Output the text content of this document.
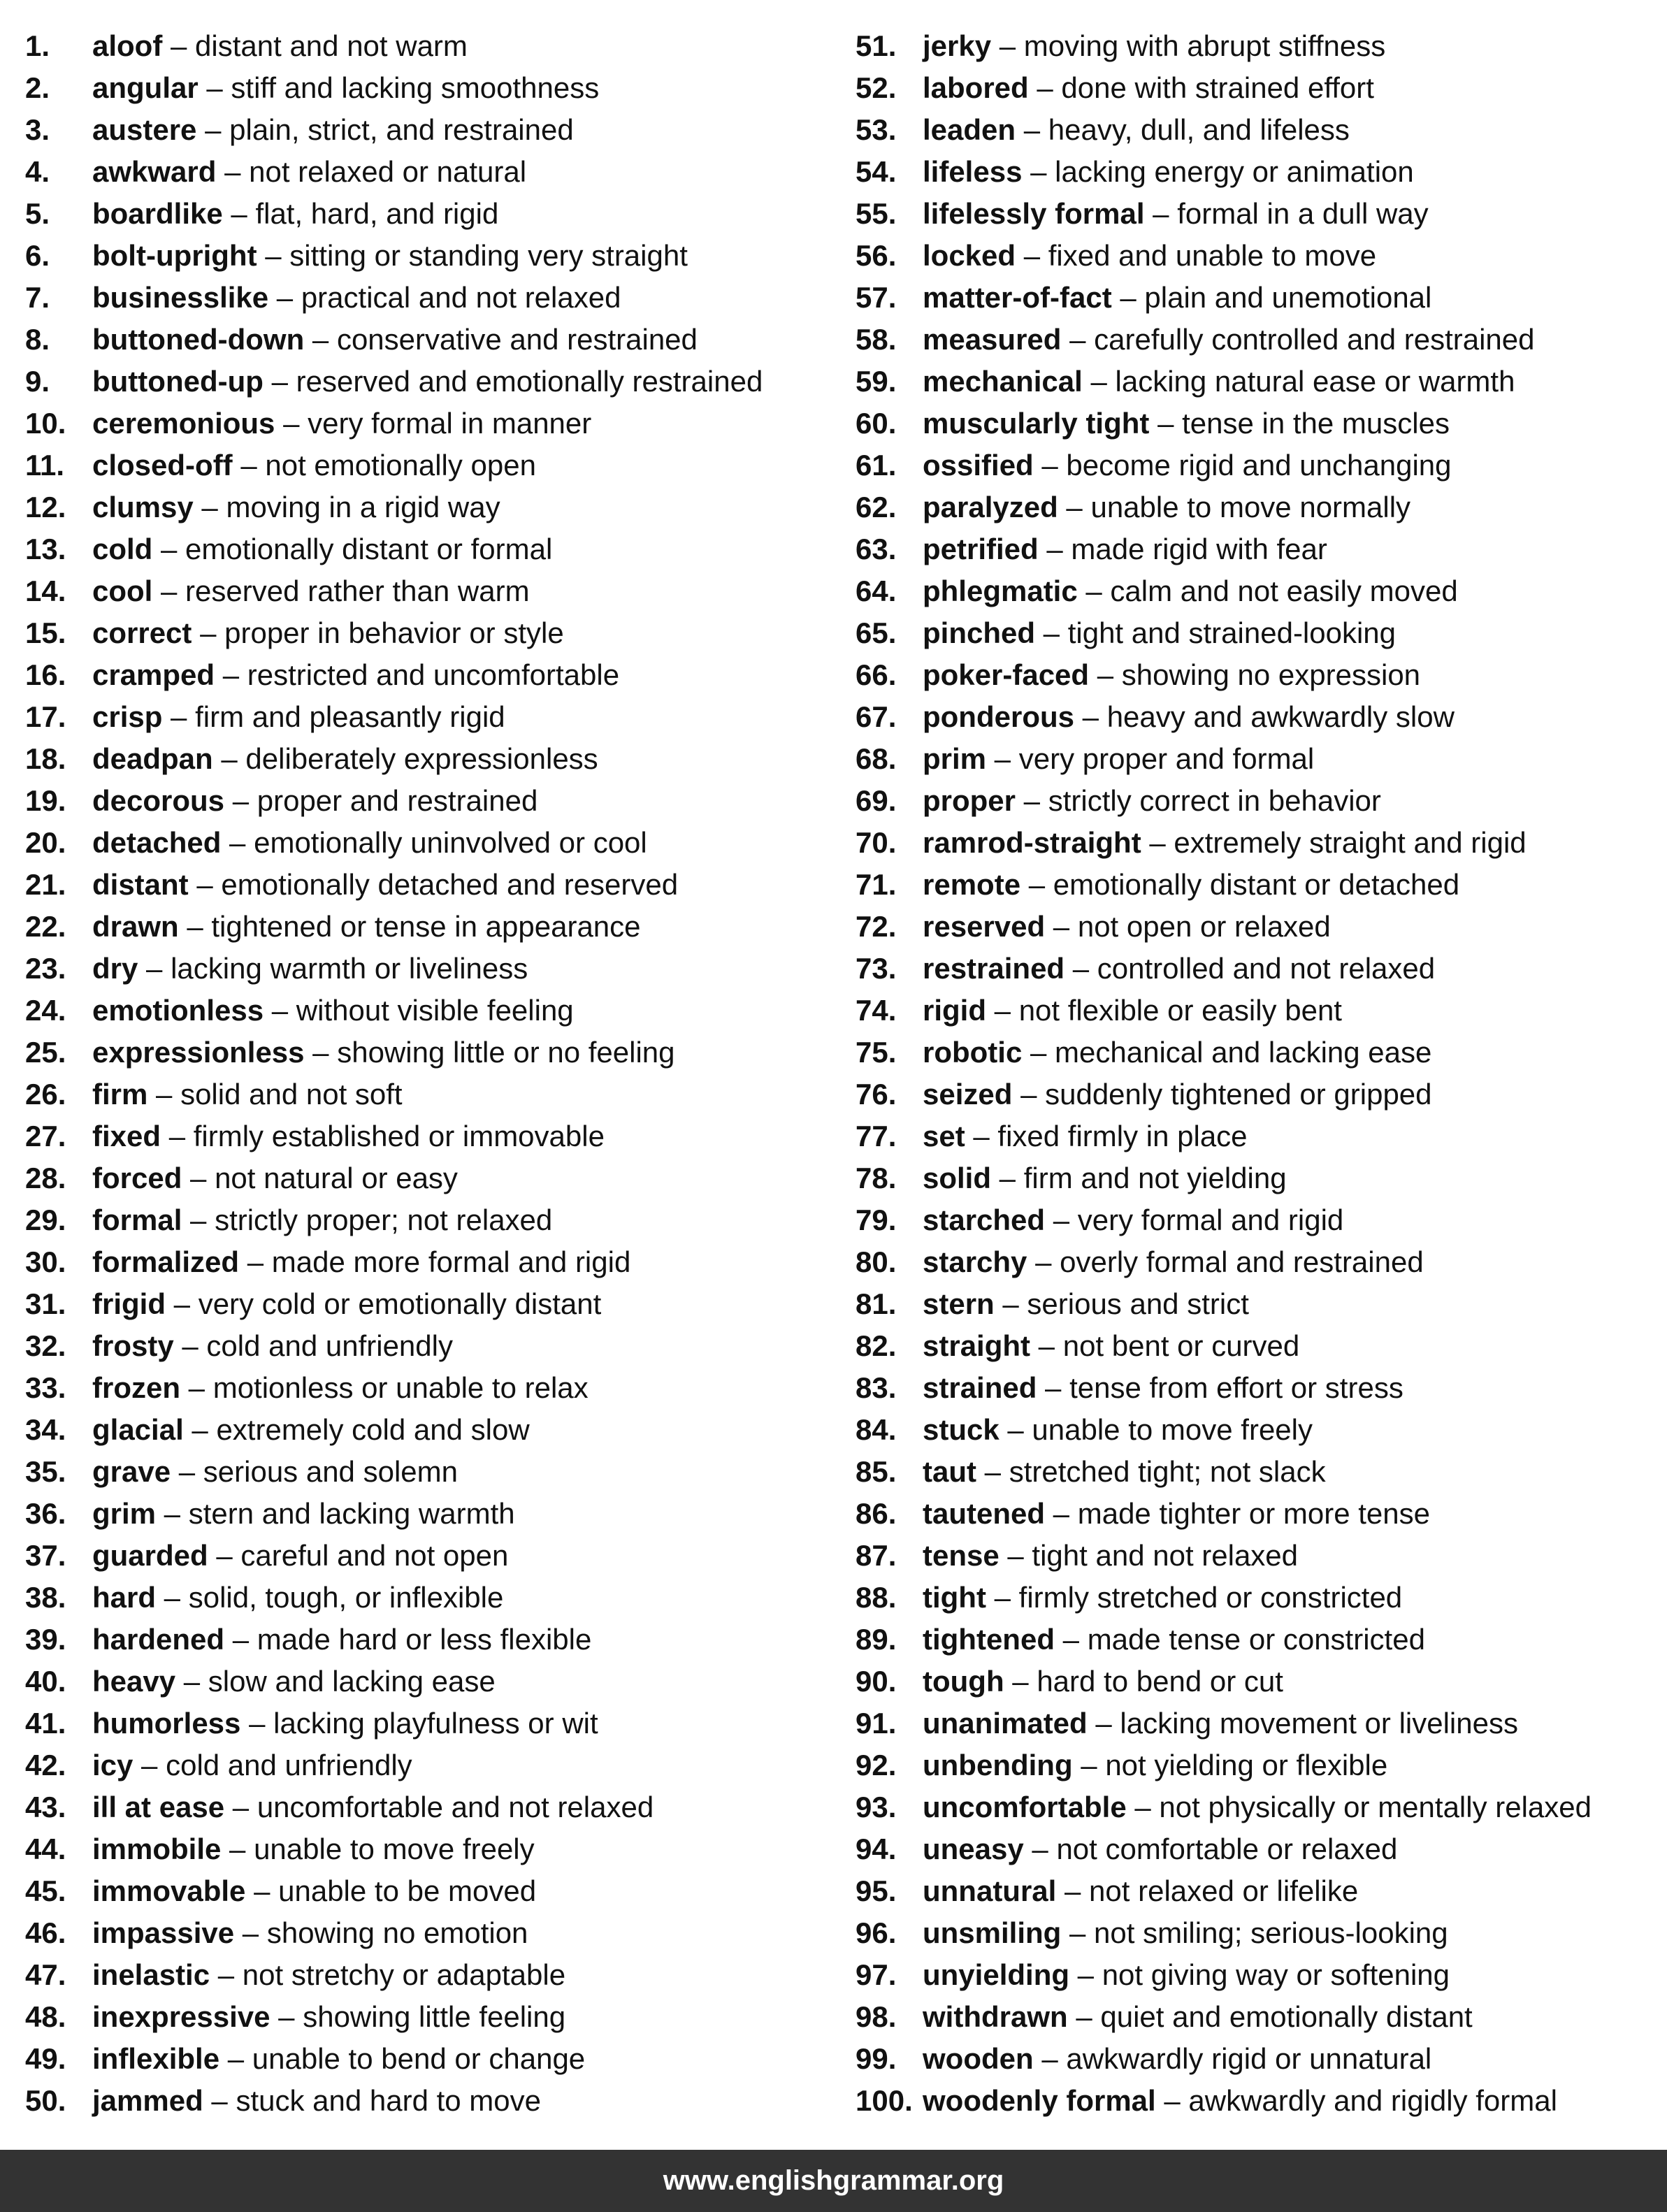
1.	aloof – distant and not warm
2.	angular – stiff and lacking smoothness
3.	austere – plain, strict, and restrained
4.	awkward – not relaxed or natural
5.	boardlike – flat, hard, and rigid
6.	bolt-upright – sitting or standing very straight
7.	businesslike – practical and not relaxed
8.	buttoned-down – conservative and restrained
9.	buttoned-up – reserved and emotionally restrained
10. ceremonious – very formal in manner
11. closed-off – not emotionally open
12. clumsy – moving in a rigid way
13. cold – emotionally distant or formal
14. cool – reserved rather than warm
15. correct – proper in behavior or style
16. cramped – restricted and uncomfortable
17. crisp – firm and pleasantly rigid
18. deadpan – deliberately expressionless
19. decorous – proper and restrained
20. detached – emotionally uninvolved or cool
21. distant – emotionally detached and reserved
22. drawn – tightened or tense in appearance
23. dry – lacking warmth or liveliness
24. emotionless – without visible feeling
25. expressionless – showing little or no feeling
26. firm – solid and not soft
27. fixed – firmly established or immovable
28. forced – not natural or easy
29. formal – strictly proper; not relaxed
30. formalized – made more formal and rigid
31. frigid – very cold or emotionally distant
32. frosty – cold and unfriendly
33. frozen – motionless or unable to relax
34. glacial – extremely cold and slow
35. grave – serious and solemn
36. grim – stern and lacking warmth
37. guarded – careful and not open
38. hard – solid, tough, or inflexible
39. hardened – made hard or less flexible
40. heavy – slow and lacking ease
41. humorless – lacking playfulness or wit
42. icy – cold and unfriendly
43. ill at ease – uncomfortable and not relaxed
44. immobile – unable to move freely
45. immovable – unable to be moved
46. impassive – showing no emotion
47. inelastic – not stretchy or adaptable
48. inexpressive – showing little feeling
49. inflexible – unable to bend or change
50. jammed – stuck and hard to move
51. jerky – moving with abrupt stiffness
52. labored – done with strained effort
53. leaden – heavy, dull, and lifeless
54. lifeless – lacking energy or animation
55. lifelessly formal – formal in a dull way
56. locked – fixed and unable to move
57. matter-of-fact – plain and unemotional
58. measured – carefully controlled and restrained
59. mechanical – lacking natural ease or warmth
60. muscularly tight – tense in the muscles
61. ossified – become rigid and unchanging
62. paralyzed – unable to move normally
63. petrified – made rigid with fear
64. phlegmatic – calm and not easily moved
65. pinched – tight and strained-looking
66. poker-faced – showing no expression
67. ponderous – heavy and awkwardly slow
68. prim – very proper and formal
69. proper – strictly correct in behavior
70. ramrod-straight – extremely straight and rigid
71. remote – emotionally distant or detached
72. reserved – not open or relaxed
73. restrained – controlled and not relaxed
74. rigid – not flexible or easily bent
75. robotic – mechanical and lacking ease
76. seized – suddenly tightened or gripped
77. set – fixed firmly in place
78. solid – firm and not yielding
79. starched – very formal and rigid
80. starchy – overly formal and restrained
81. stern – serious and strict
82. straight – not bent or curved
83. strained – tense from effort or stress
84. stuck – unable to move freely
85. taut – stretched tight; not slack
86. tautened – made tighter or more tense
87. tense – tight and not relaxed
88. tight – firmly stretched or constricted
89. tightened – made tense or constricted
90. tough – hard to bend or cut
91. unanimated – lacking movement or liveliness
92. unbending – not yielding or flexible
93. uncomfortable – not physically or mentally relaxed
94. uneasy – not comfortable or relaxed
95. unnatural – not relaxed or lifelike
96. unsmiling – not smiling; serious-looking
97. unyielding – not giving way or softening
98. withdrawn – quiet and emotionally distant
99. wooden – awkwardly rigid or unnatural
100. woodenly formal – awkwardly and rigidly formal
www.englishgrammar.org
